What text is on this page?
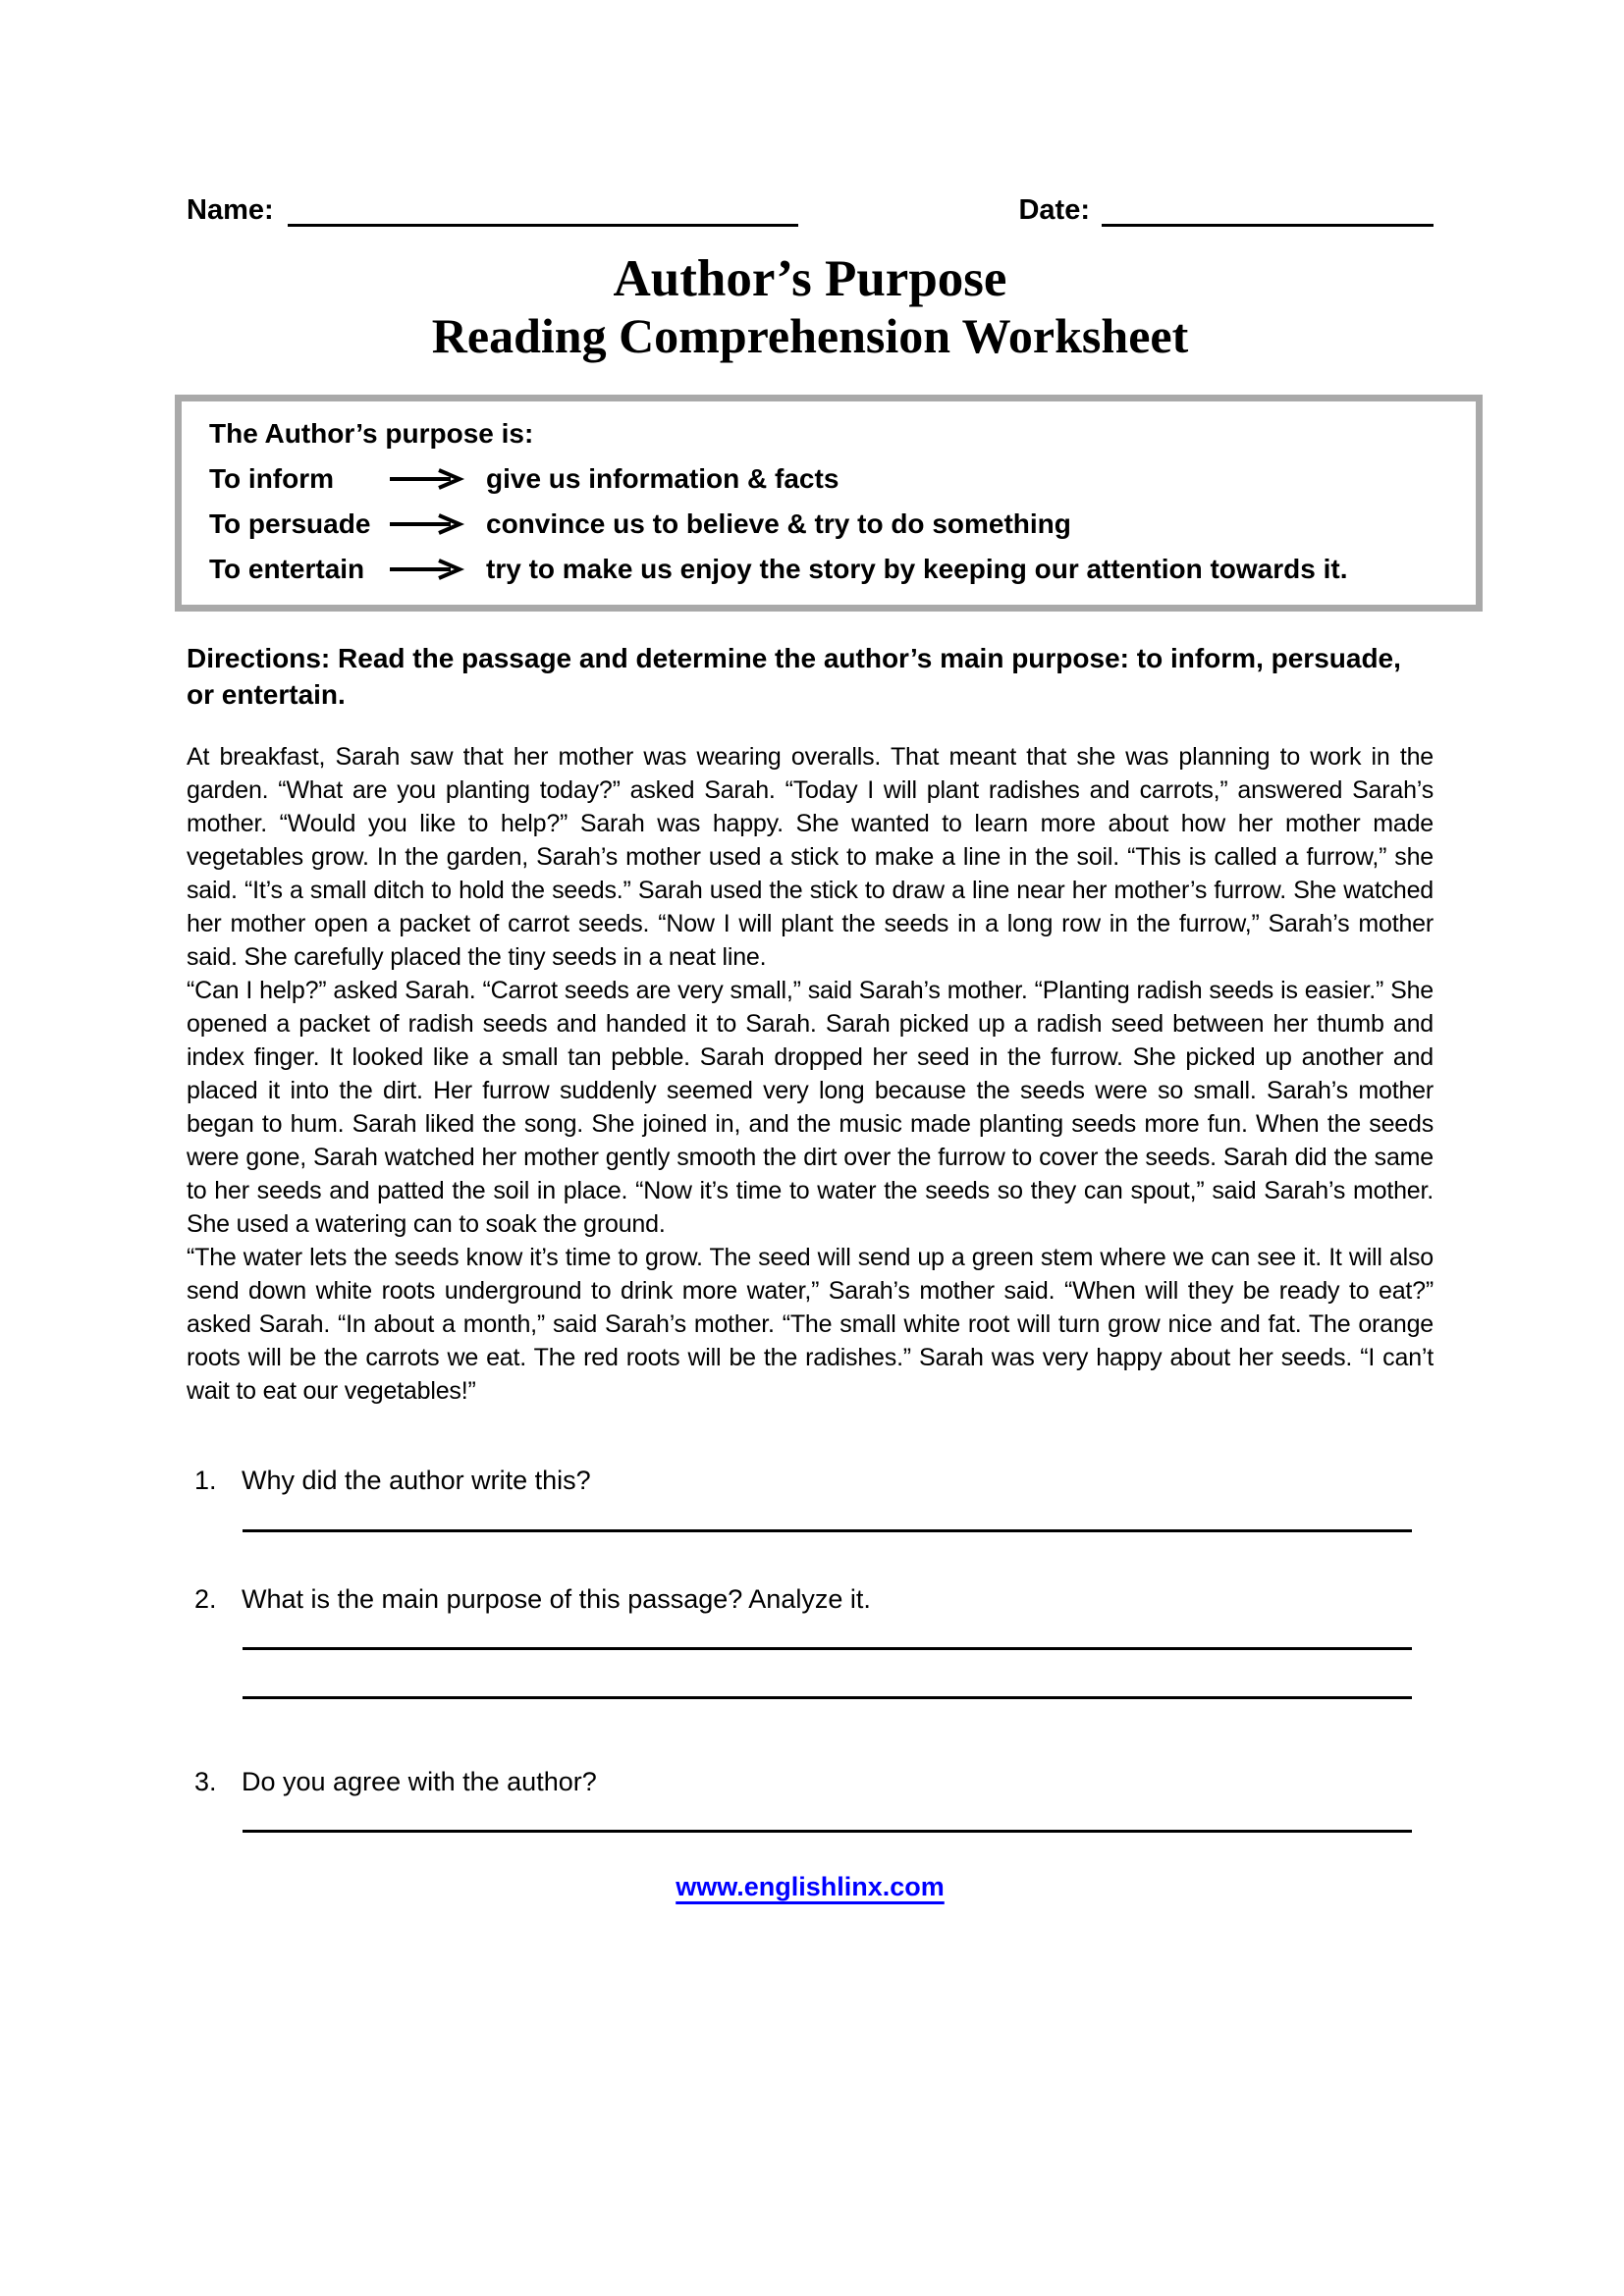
Name:	Date:
Author’s Purpose
Reading Comprehension Worksheet
The Author’s purpose is:
To inform	give us information & facts
To persuade	convince us to believe & try to do something
To entertain	try to make us enjoy the story by keeping our attention towards it.
Directions: Read the passage and determine the author’s main purpose: to inform, persuade, or entertain.

At breakfast, Sarah saw that her mother was wearing overalls. That meant that she was planning to work in the garden. “What are you planting today?” asked Sarah. “Today I will plant radishes and carrots,” answered Sarah’s mother. “Would you like to help?” Sarah was happy. She wanted to learn more about how her mother made vegetables grow. In the garden, Sarah’s mother used a stick to make a line in the soil. “This is called a furrow,” she said. “It’s a small ditch to hold the seeds.” Sarah used the stick to draw a line near her mother’s furrow. She watched her mother open a packet of carrot seeds. “Now I will plant the seeds in a long row in the furrow,” Sarah’s mother said. She carefully placed the tiny seeds in a neat line.

“Can I help?” asked Sarah. “Carrot seeds are very small,” said Sarah’s mother. “Planting radish seeds is easier.” She opened a packet of radish seeds and handed it to Sarah. Sarah picked up a radish seed between her thumb and index finger. It looked like a small tan pebble. Sarah dropped her seed in the furrow. She picked up another and placed it into the dirt. Her furrow suddenly seemed very long because the seeds were so small. Sarah’s mother began to hum. Sarah liked the song. She joined in, and the music made planting seeds more fun. When the seeds were gone, Sarah watched her mother gently smooth the dirt over the furrow to cover the seeds. Sarah did the same to her seeds and patted the soil in place. “Now it’s time to water the seeds so they can spout,” said Sarah’s mother. She used a watering can to soak the ground.

“The water lets the seeds know it’s time to grow. The seed will send up a green stem where we can see it. It will also send down white roots underground to drink more water,” Sarah’s mother said. “When will they be ready to eat?” asked Sarah. “In about a month,” said Sarah’s mother. “The small white root will turn grow nice and fat. The orange roots will be the carrots we eat. The red roots will be the radishes.” Sarah was very happy about her seeds. “I can’t wait to eat our vegetables!”

1. Why did the author write this?
2. What is the main purpose of this passage? Analyze it.
3. Do you agree with the author?
www.englishlinx.com
